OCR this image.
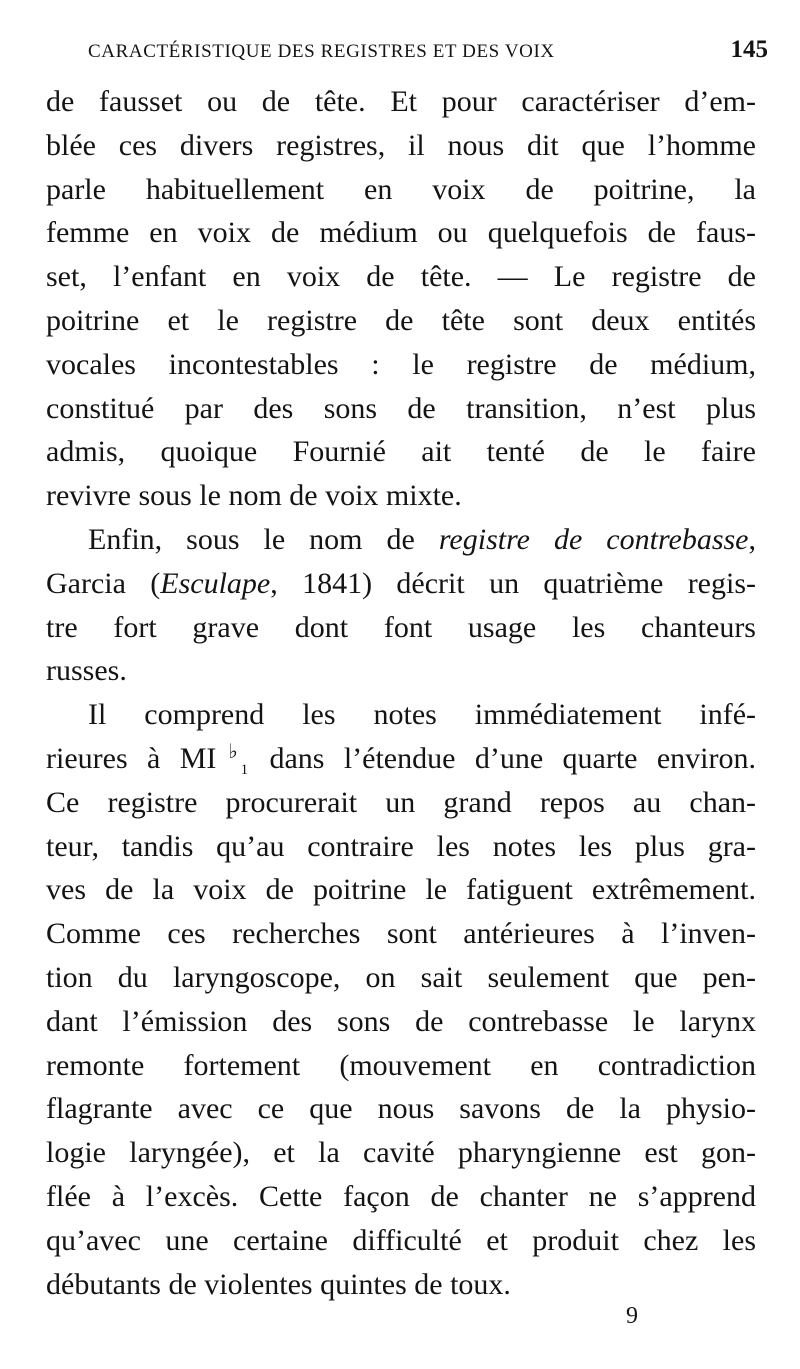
CARACTÉRISTIQUE DES REGISTRES ET DES VOIX	145
de fausset ou de tête. Et pour caractériser d’em-
blée ces divers registres, il nous dit que l’homme
parle habituellement en voix de poitrine, la
femme en voix de médium ou quelquefois de faus-
set, l’enfant en voix de tête. — Le registre de
poitrine et le registre de tête sont deux entités
vocales incontestables : le registre de médium,
constitué par des sons de transition, n’est plus
admis, quoique Fournié ait tenté de le faire
revivre sous le nom de voix mixte.
Enfin, sous le nom de registre de contrebasse,
Garcia (Esculape, 1841) décrit un quatrième regis-
tre fort grave dont font usage les chanteurs
russes.
Il comprend les notes immédiatement infé-
rieures à $MI^♭_1$ dans l’étendue d’une quarte environ.
Ce registre procurerait un grand repos au chan-
teur, tandis qu’au contraire les notes les plus gra-
ves de la voix de poitrine le fatiguent extrêmement.
Comme ces recherches sont antérieures à l’inven-
tion du laryngoscope, on sait seulement que pen-
dant l’émission des sons de contrebasse le larynx
remonte fortement (mouvement en contradiction
flagrante avec ce que nous savons de la physio-
logie laryngée), et la cavité pharyngienne est gon-
flée à l’excès. Cette façon de chanter ne s’apprend
qu’avec une certaine difficulté et produit chez les
débutants de violentes quintes de toux.
9
